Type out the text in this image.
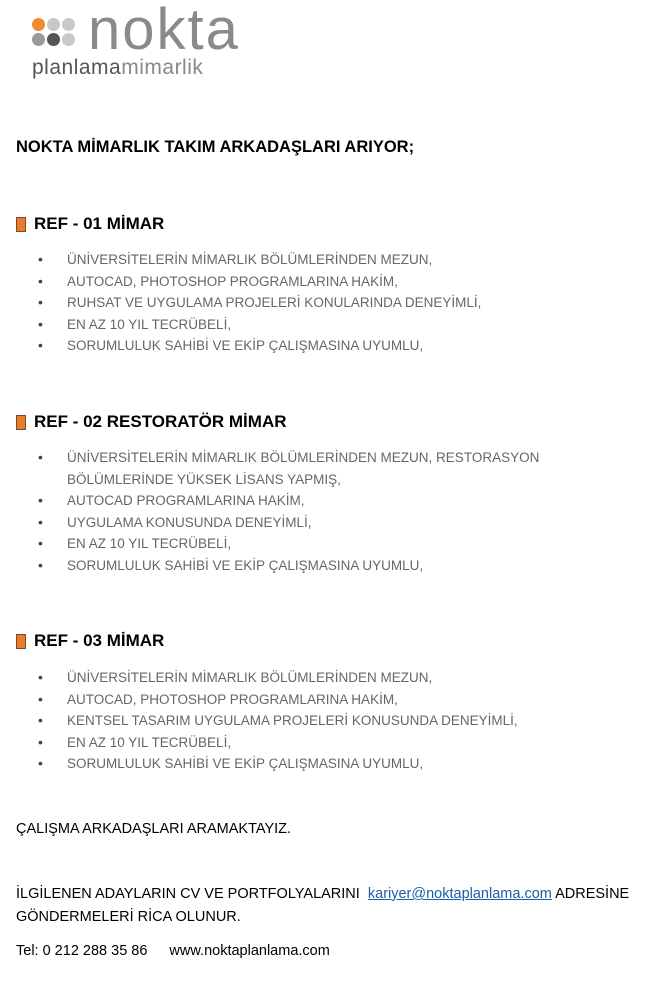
nokta
planlamamimarlik
NOKTA MİMARLIK TAKIM ARKADAŞLARI ARIYOR;
REF - 01 MİMAR
• ÜNİVERSİTELERİN MİMARLIK BÖLÜMLERİNDEN MEZUN,
• AUTOCAD, PHOTOSHOP PROGRAMLARINA HAKİM,
• RUHSAT VE UYGULAMA PROJELERİ KONULARINDA DENEYİMLİ,
• EN AZ 10 YIL TECRÜBELİ,
• SORUMLULUK SAHİBİ VE EKİP ÇALIŞMASINA UYUMLU,
REF - 02 RESTORATÖR MİMAR
• ÜNİVERSİTELERİN MİMARLIK BÖLÜMLERİNDEN MEZUN, RESTORASYON BÖLÜMLERİNDE YÜKSEK LİSANS YAPMIŞ,
• AUTOCAD PROGRAMLARINA HAKİM,
• UYGULAMA KONUSUNDA DENEYİMLİ,
• EN AZ 10 YIL TECRÜBELİ,
• SORUMLULUK SAHİBİ VE EKİP ÇALIŞMASINA UYUMLU,
REF - 03 MİMAR
• ÜNİVERSİTELERİN MİMARLIK BÖLÜMLERİNDEN MEZUN,
• AUTOCAD, PHOTOSHOP PROGRAMLARINA HAKİM,
• KENTSEL TASARIM UYGULAMA PROJELERİ KONUSUNDA DENEYİMLİ,
• EN AZ 10 YIL TECRÜBELİ,
• SORUMLULUK SAHİBİ VE EKİP ÇALIŞMASINA UYUMLU,
ÇALIŞMA ARKADAŞLARI ARAMAKTAYIZ.
İLGİLENEN ADAYLARIN CV VE PORTFOLYALARINI kariyer@noktaplanlama.com ADRESİNE GÖNDERMELERİ RİCA OLUNUR.
Tel: 0 212 288 35 86 www.noktaplanlama.com
